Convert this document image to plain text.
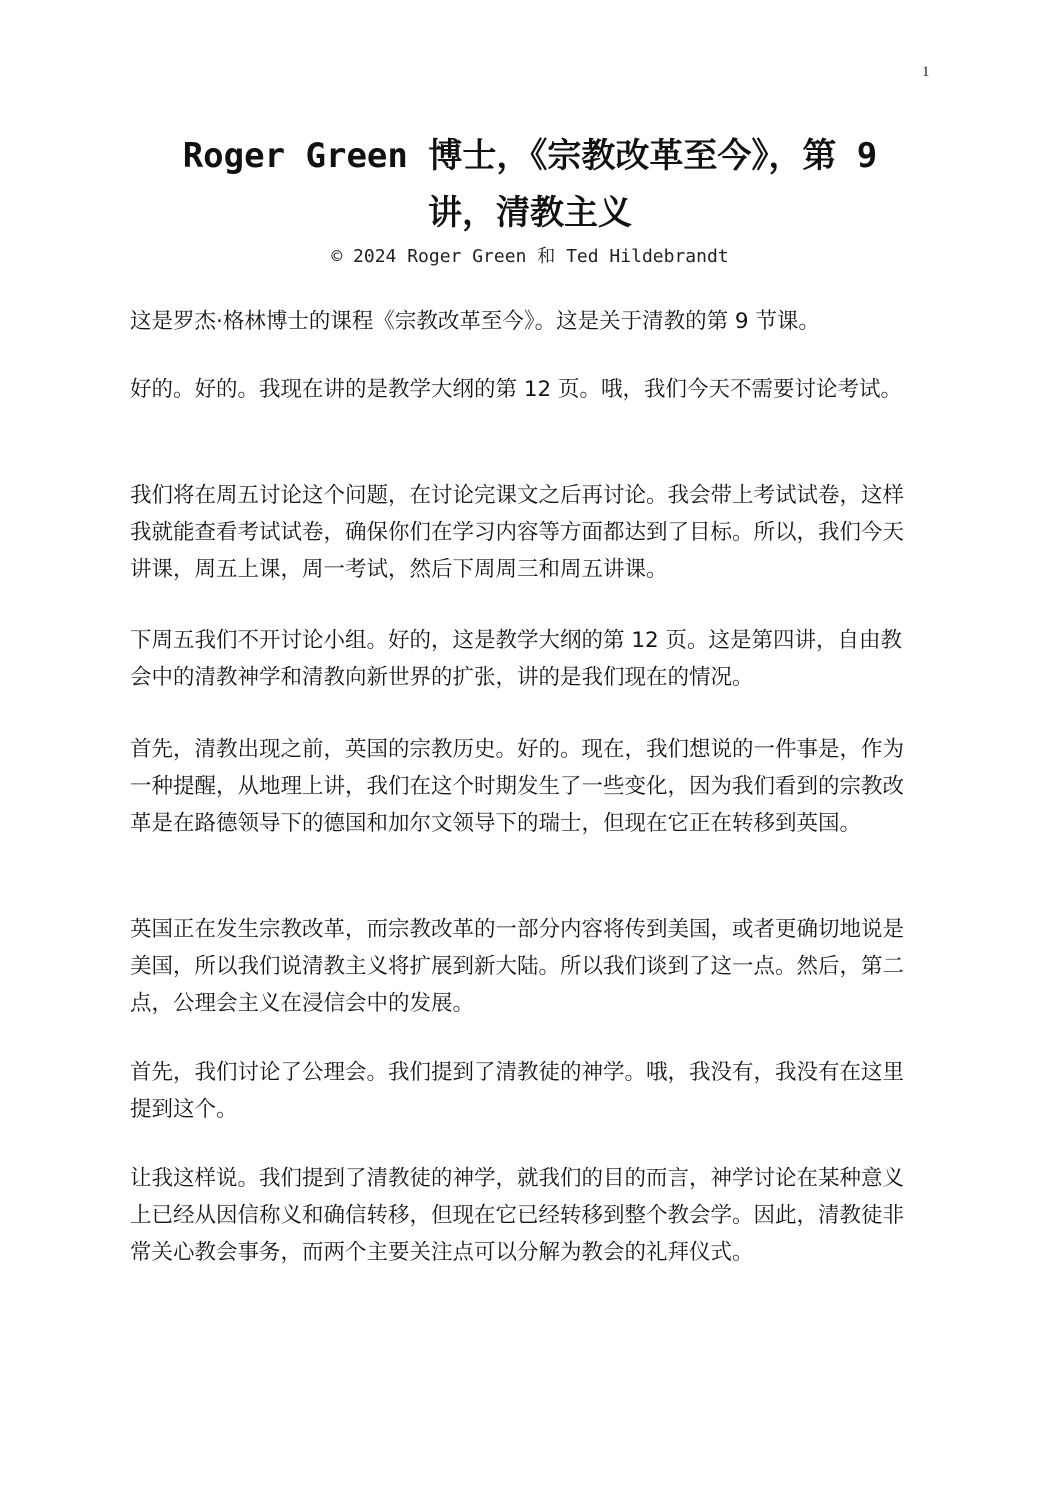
1
Roger Green 博士，《宗教改革至今》，第 9
讲，清教主义
© 2024 Roger Green 和 Ted Hildebrandt

这是罗杰·格林博士的课程《宗教改革至今》。这是关于清教的第 9 节课。

好的。好的。我现在讲的是教学大纲的第 12 页。哦，我们今天不需要讨论考试。

我们将在周五讨论这个问题，在讨论完课文之后再讨论。我会带上考试试卷，这样我就能查看考试试卷，确保你们在学习内容等方面都达到了目标。所以，我们今天讲课，周五上课，周一考试，然后下周周三和周五讲课。

下周五我们不开讨论小组。好的，这是教学大纲的第 12 页。这是第四讲，自由教会中的清教神学和清教向新世界的扩张，讲的是我们现在的情况。

首先，清教出现之前，英国的宗教历史。好的。现在，我们想说的一件事是，作为一种提醒，从地理上讲，我们在这个时期发生了一些变化，因为我们看到的宗教改革是在路德领导下的德国和加尔文领导下的瑞士，但现在它正在转移到英国。

英国正在发生宗教改革，而宗教改革的一部分内容将传到美国，或者更确切地说是美国，所以我们说清教主义将扩展到新大陆。所以我们谈到了这一点。然后，第二点，公理会主义在浸信会中的发展。

首先，我们讨论了公理会。我们提到了清教徒的神学。哦，我没有，我没有在这里提到这个。

让我这样说。我们提到了清教徒的神学，就我们的目的而言，神学讨论在某种意义上已经从因信称义和确信转移，但现在它已经转移到整个教会学。因此，清教徒非常关心教会事务，而两个主要关注点可以分解为教会的礼拜仪式。
